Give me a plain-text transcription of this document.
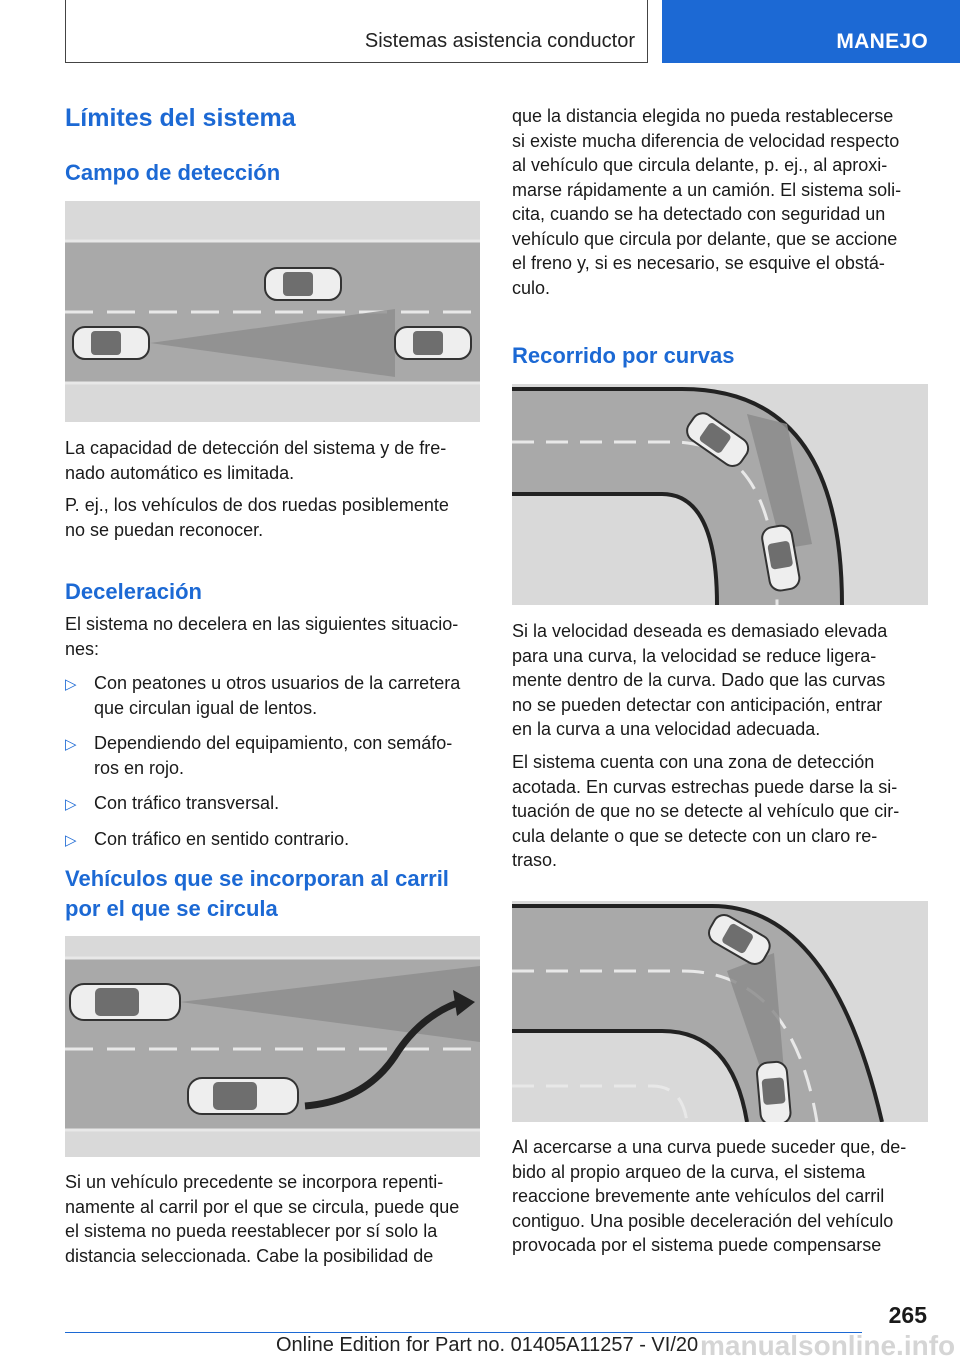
Sistemas asistencia conductor	MANEJO
Límites del sistema
Campo de detección

La capacidad de detección del sistema y de fre-
nado automático es limitada.

P. ej., los vehículos de dos ruedas posiblemente
no se puedan reconocer.

Deceleración

El sistema no decelera en las siguientes situacio-
nes:

▷ Con peatones u otros usuarios de la carretera
que circulan igual de lentos.
▷ Dependiendo del equipamiento, con semáfo-
ros en rojo.
▷ Con tráfico transversal.
▷ Con tráfico en sentido contrario.
Vehículos que se incorporan al carril
por el que se circula

Si un vehículo precedente se incorpora repenti-
namente al carril por el que se circula, puede que
el sistema no pueda reestablecer por sí solo la
distancia seleccionada. Cabe la posibilidad de

que la distancia elegida no pueda restablecerse
si existe mucha diferencia de velocidad respecto
al vehículo que circula delante, p. ej., al aproxi-
marse rápidamente a un camión. El sistema soli-
cita, cuando se ha detectado con seguridad un
vehículo que circula por delante, que se accione
el freno y, si es necesario, se esquive el obstá-
culo.

Recorrido por curvas

Si la velocidad deseada es demasiado elevada
para una curva, la velocidad se reduce ligera-
mente dentro de la curva. Dado que las curvas
no se pueden detectar con anticipación, entrar
en la curva a una velocidad adecuada.

El sistema cuenta con una zona de detección
acotada. En curvas estrechas puede darse la si-
tuación de que no se detecte al vehículo que cir-
cula delante o que se detecte con un claro re-
traso.

Al acercarse a una curva puede suceder que, de-
bido al propio arqueo de la curva, el sistema
reaccione brevemente ante vehículos del carril
contiguo. Una posible deceleración del vehículo
provocada por el sistema puede compensarse

265
Online Edition for Part no. 01405A11257 - VI/20 manualsonline.info
